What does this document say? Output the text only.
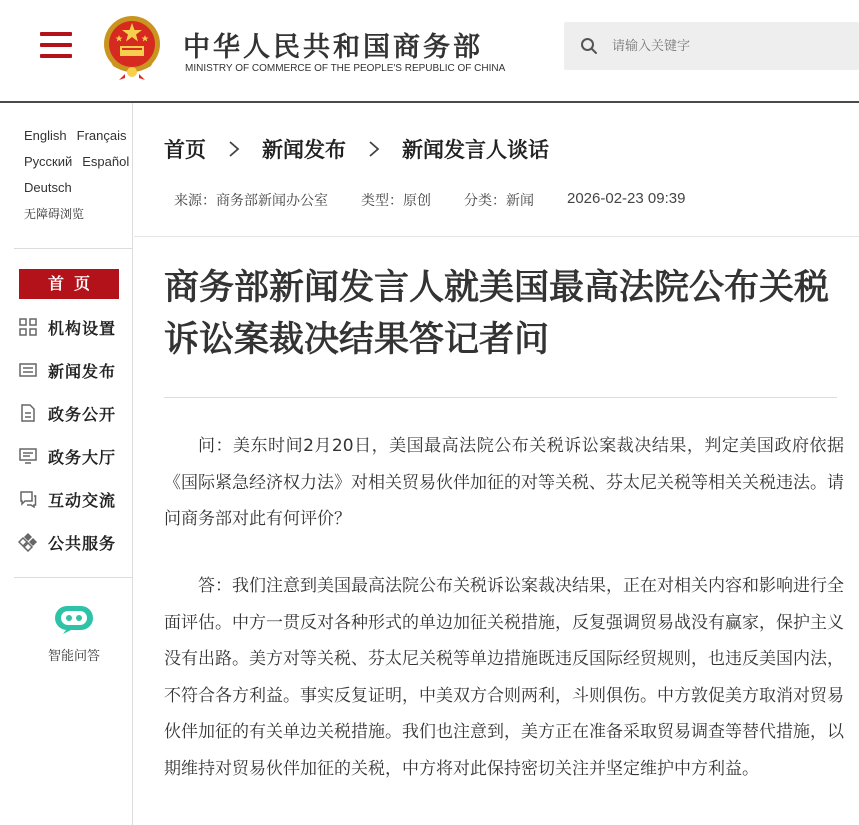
中华人民共和国商务部
MINISTRY OF COMMERCE OF THE PEOPLE'S REPUBLIC OF CHINA
请输入关键字
English Français
Русский Español
Deutsch
无障碍浏览
首页
机构设置
新闻发布
政务公开
政务大厅
互动交流
公共服务
智能问答
首页	新闻发布	新闻发言人谈话
来源：商务部新闻办公室 类型：原创 分类：新闻 2026-02-23 09:39
商务部新闻发言人就美国最高法院公布关税诉讼案裁决结果答记者问

问：美东时间2月20日，美国最高法院公布关税诉讼案裁决结果，判定美国政府依据《国际紧急经济权力法》对相关贸易伙伴加征的对等关税、芬太尼关税等相关关税违法。请问商务部对此有何评价？

答：我们注意到美国最高法院公布关税诉讼案裁决结果，正在对相关内容和影响进行全面评估。中方一贯反对各种形式的单边加征关税措施，反复强调贸易战没有赢家，保护主义没有出路。美方对等关税、芬太尼关税等单边措施既违反国际经贸规则，也违反美国内法，不符合各方利益。事实反复证明，中美双方合则两利，斗则俱伤。中方敦促美方取消对贸易伙伴加征的有关单边关税措施。我们也注意到，美方正在准备采取贸易调查等替代措施，以期维持对贸易伙伴加征的关税，中方将对此保持密切关注并坚定维护中方利益。
